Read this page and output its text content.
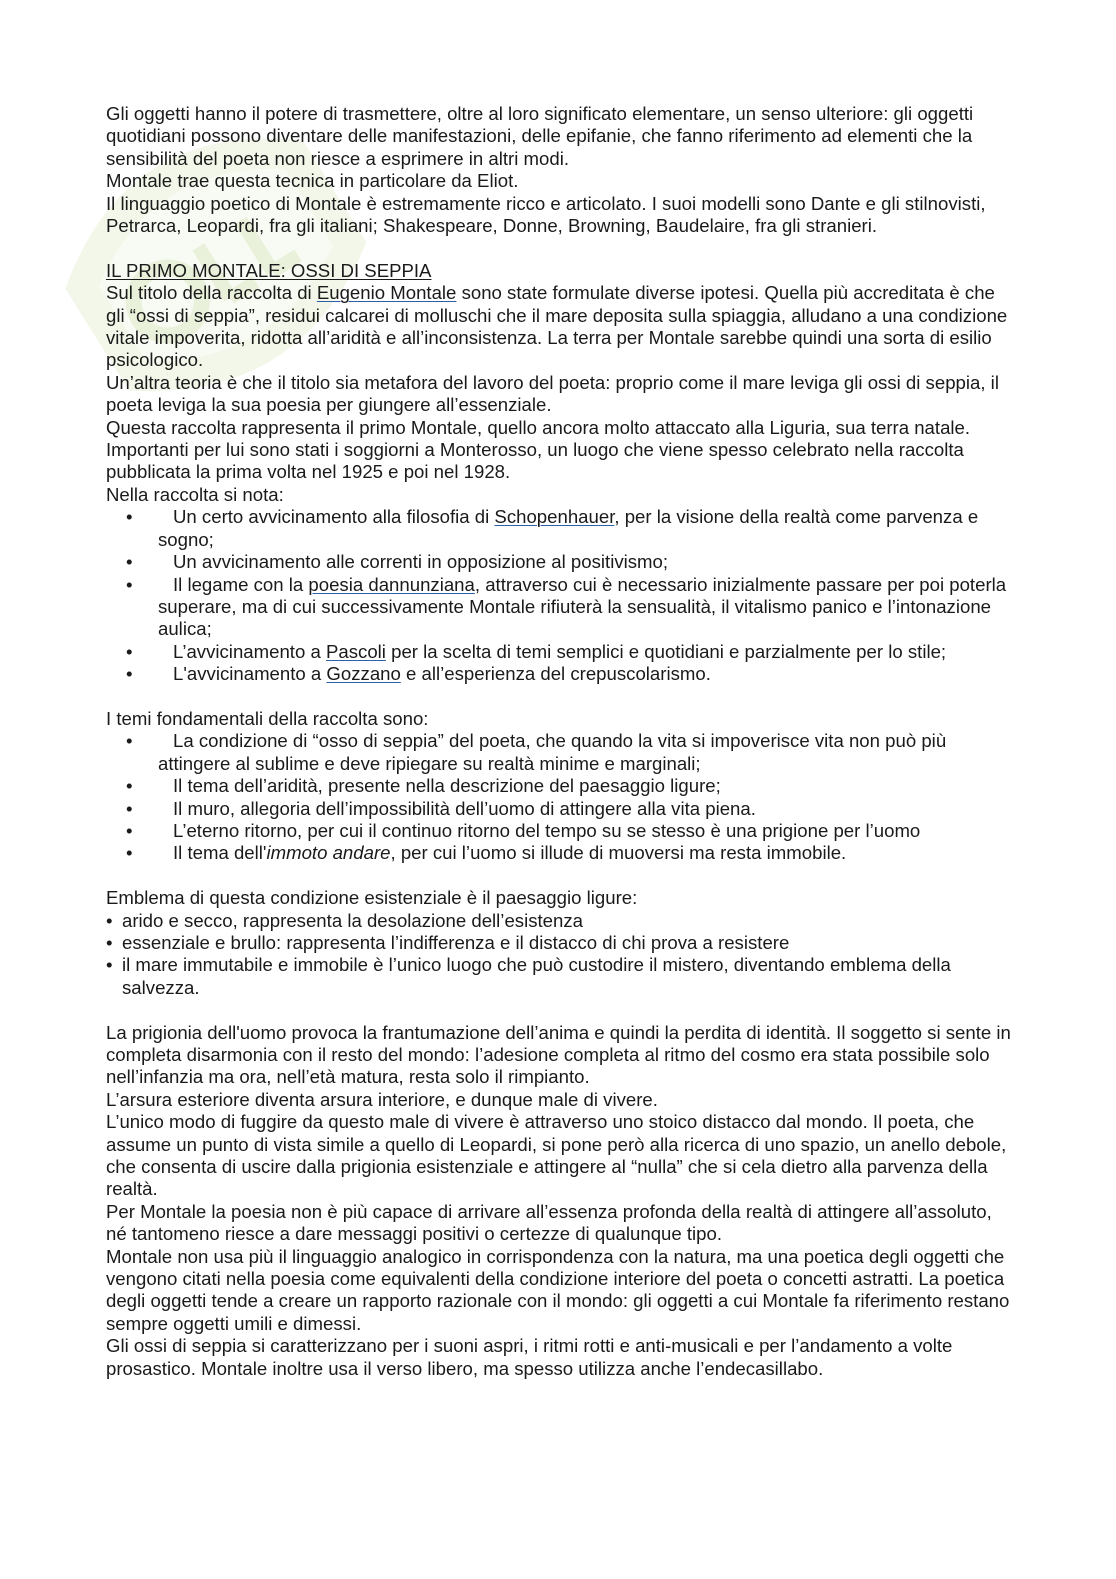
Gli oggetti hanno il potere di trasmettere, oltre al loro significato elementare, un senso ulteriore: gli oggetti quotidiani possono diventare delle manifestazioni, delle epifanie, che fanno riferimento ad elementi che la sensibilità del poeta non riesce a esprimere in altri modi.

Montale trae questa tecnica in particolare da Eliot.

Il linguaggio poetico di Montale è estremamente ricco e articolato. I suoi modelli sono Dante e gli stilnovisti, Petrarca, Leopardi, fra gli italiani; Shakespeare, Donne, Browning, Baudelaire, fra gli stranieri.

IL PRIMO MONTALE: OSSI DI SEPPIA

Sul titolo della raccolta di Eugenio Montale sono state formulate diverse ipotesi. Quella più accreditata è che gli “ossi di seppia”, residui calcarei di molluschi che il mare deposita sulla spiaggia, alludano a una condizione vitale impoverita, ridotta all’aridità e all’inconsistenza. La terra per Montale sarebbe quindi una sorta di esilio psicologico.

Un’altra teoria è che il titolo sia metafora del lavoro del poeta: proprio come il mare leviga gli ossi di seppia, il poeta leviga la sua poesia per giungere all’essenziale.

Questa raccolta rappresenta il primo Montale, quello ancora molto attaccato alla Liguria, sua terra natale. Importanti per lui sono stati i soggiorni a Monterosso, un luogo che viene spesso celebrato nella raccolta pubblicata la prima volta nel 1925 e poi nel 1928.

Nella raccolta si nota:

•	Un certo avvicinamento alla filosofia di Schopenhauer, per la visione della realtà come parvenza e sogno;
•	Un avvicinamento alle correnti in opposizione al positivismo;
•	Il legame con la poesia dannunziana, attraverso cui è necessario inizialmente passare per poi poterla superare, ma di cui successivamente Montale rifiuterà la sensualità, il vitalismo panico e l’intonazione aulica;
•	L’avvicinamento a Pascoli per la scelta di temi semplici e quotidiani e parzialmente per lo stile;
•	L'avvicinamento a Gozzano e all’esperienza del crepuscolarismo.

I temi fondamentali della raccolta sono:

•	La condizione di “osso di seppia” del poeta, che quando la vita si impoverisce vita non può più attingere al sublime e deve ripiegare su realtà minime e marginali;
•	Il tema dell’aridità, presente nella descrizione del paesaggio ligure;
•	Il muro, allegoria dell’impossibilità dell’uomo di attingere alla vita piena.
•	L’eterno ritorno, per cui il continuo ritorno del tempo su se stesso è una prigione per l’uomo
•	Il tema dell'immoto andare, per cui l’uomo si illude di muoversi ma resta immobile.

Emblema di questa condizione esistenziale è il paesaggio ligure:

• arido e secco, rappresenta la desolazione dell’esistenza

• essenziale e brullo: rappresenta l’indifferenza e il distacco di chi prova a resistere

• il mare immutabile e immobile è l’unico luogo che può custodire il mistero, diventando emblema della salvezza.

La prigionia dell'uomo provoca la frantumazione dell’anima e quindi la perdita di identità. Il soggetto si sente in completa disarmonia con il resto del mondo: l’adesione completa al ritmo del cosmo era stata possibile solo nell’infanzia ma ora, nell’età matura, resta solo il rimpianto.

L’arsura esteriore diventa arsura interiore, e dunque male di vivere.

L’unico modo di fuggire da questo male di vivere è attraverso uno stoico distacco dal mondo. Il poeta, che assume un punto di vista simile a quello di Leopardi, si pone però alla ricerca di uno spazio, un anello debole, che consenta di uscire dalla prigionia esistenziale e attingere al “nulla” che si cela dietro alla parvenza della realtà.

Per Montale la poesia non è più capace di arrivare all’essenza profonda della realtà di attingere all’assoluto, né tantomeno riesce a dare messaggi positivi o certezze di qualunque tipo.

Montale non usa più il linguaggio analogico in corrispondenza con la natura, ma una poetica degli oggetti che vengono citati nella poesia come equivalenti della condizione interiore del poeta o concetti astratti. La poetica degli oggetti tende a creare un rapporto razionale con il mondo: gli oggetti a cui Montale fa riferimento restano sempre oggetti umili e dimessi.

Gli ossi di seppia si caratterizzano per i suoni aspri, i ritmi rotti e anti-musicali e per l’andamento a volte prosastico. Montale inoltre usa il verso libero, ma spesso utilizza anche l’endecasillabo.
